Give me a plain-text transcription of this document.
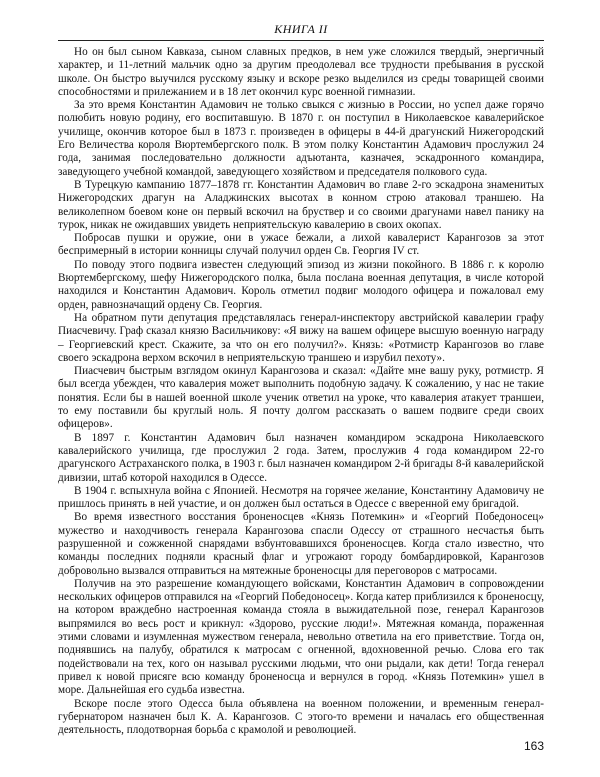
КНИГА II

Но он был сыном Кавказа, сыном славных предков, в нем уже сложился твердый, энергичный характер, и 11-летний мальчик одно за другим преодолевал все трудности пребывания в русской школе. Он быстро выучился русскому языку и вскоре резко выделился из среды товарищей своими способностями и прилежанием и в 18 лет окончил курс военной гимназии.

За это время Константин Адамович не только свыкся с жизнью в России, но успел даже горячо полюбить новую родину, его воспитавшую. В 1870 г. он поступил в Николаевское кавалерийское училище, окончив которое был в 1873 г. произведен в офицеры в 44-й драгунский Нижегородский Его Величества короля Вюртембергского полк. В этом полку Константин Адамович прослужил 24 года, занимая последовательно должности адъютанта, казначея, эскадронного командира, заведующего учебной командой, заведующего хозяйством и председателя полкового суда.

В Турецкую кампанию 1877–1878 гг. Константин Адамович во главе 2-го эскадрона знаменитых Нижегородских драгун на Аладжинских высотах в конном строю атаковал траншею. На великолепном боевом коне он первый вскочил на бруствер и со своими драгунами навел панику на турок, никак не ожидавших увидеть неприятельскую кавалерию в своих окопах.

Побросав пушки и оружие, они в ужасе бежали, а лихой кавалерист Карангозов за этот беспримерный в истории конницы случай получил орден Св. Георгия IV ст.

По поводу этого подвига известен следующий эпизод из жизни покойного. В 1886 г. к королю Вюртембергскому, шефу Нижегородского полка, была послана военная депутация, в числе которой находился и Константин Адамович. Король отметил подвиг молодого офицера и пожаловал ему орден, равнозначащий ордену Св. Георгия.

На обратном пути депутация представлялась генерал-инспектору австрийской кавалерии графу Пиасчевичу. Граф сказал князю Васильчикову: «Я вижу на вашем офицере высшую военную награду – Георгиевский крест. Скажите, за что он его получил?». Князь: «Ротмистр Карангозов во главе своего эскадрона верхом вскочил в неприятельскую траншею и изрубил пехоту».

Пиасчевич быстрым взглядом окинул Карангозова и сказал: «Дайте мне вашу руку, ротмистр. Я был всегда убежден, что кавалерия может выполнить подобную задачу. К сожалению, у нас не такие понятия. Если бы в нашей военной школе ученик ответил на уроке, что кавалерия атакует траншеи, то ему поставили бы круглый ноль. Я почту долгом рассказать о вашем подвиге среди своих офицеров».

В 1897 г. Константин Адамович был назначен командиром эскадрона Николаевского кавалерийского училища, где прослужил 2 года. Затем, прослужив 4 года командиром 22-го драгунского Астраханского полка, в 1903 г. был назначен командиром 2-й бригады 8-й кавалерийской дивизии, штаб которой находился в Одессе.

В 1904 г. вспыхнула война с Японией. Несмотря на горячее желание, Константину Адамовичу не пришлось принять в ней участие, и он должен был остаться в Одессе с вверенной ему бригадой.

Во время известного восстания броненосцев «Князь Потемкин» и «Георгий Победоносец» мужество и находчивость генерала Карангозова спасли Одессу от страшного несчастья быть разрушенной и сожженной снарядами взбунтовавшихся броненосцев. Когда стало известно, что команды последних подняли красный флаг и угрожают городу бомбардировкой, Карангозов добровольно вызвался отправиться на мятежные броненосцы для переговоров с матросами.

Получив на это разрешение командующего войсками, Константин Адамович в сопровождении нескольких офицеров отправился на «Георгий Победоносец». Когда катер приблизился к броненосцу, на котором враждебно настроенная команда стояла в выжидательной позе, генерал Карангозов выпрямился во весь рост и крикнул: «Здорово, русские люди!». Мятежная команда, пораженная этими словами и изумленная мужеством генерала, невольно ответила на его приветствие. Тогда он, поднявшись на палубу, обратился к матросам с огненной, вдохновенной речью. Слова его так подействовали на тех, кого он называл русскими людьми, что они рыдали, как дети! Тогда генерал привел к новой присяге всю команду броненосца и вернулся в город. «Князь Потемкин» ушел в море. Дальнейшая его судьба известна.

Вскоре после этого Одесса была объявлена на военном положении, и временным генерал-губернатором назначен был К. А. Карангозов. С этого-то времени и началась его общественная деятельность, плодотворная борьба с крамолой и революцией.

163
